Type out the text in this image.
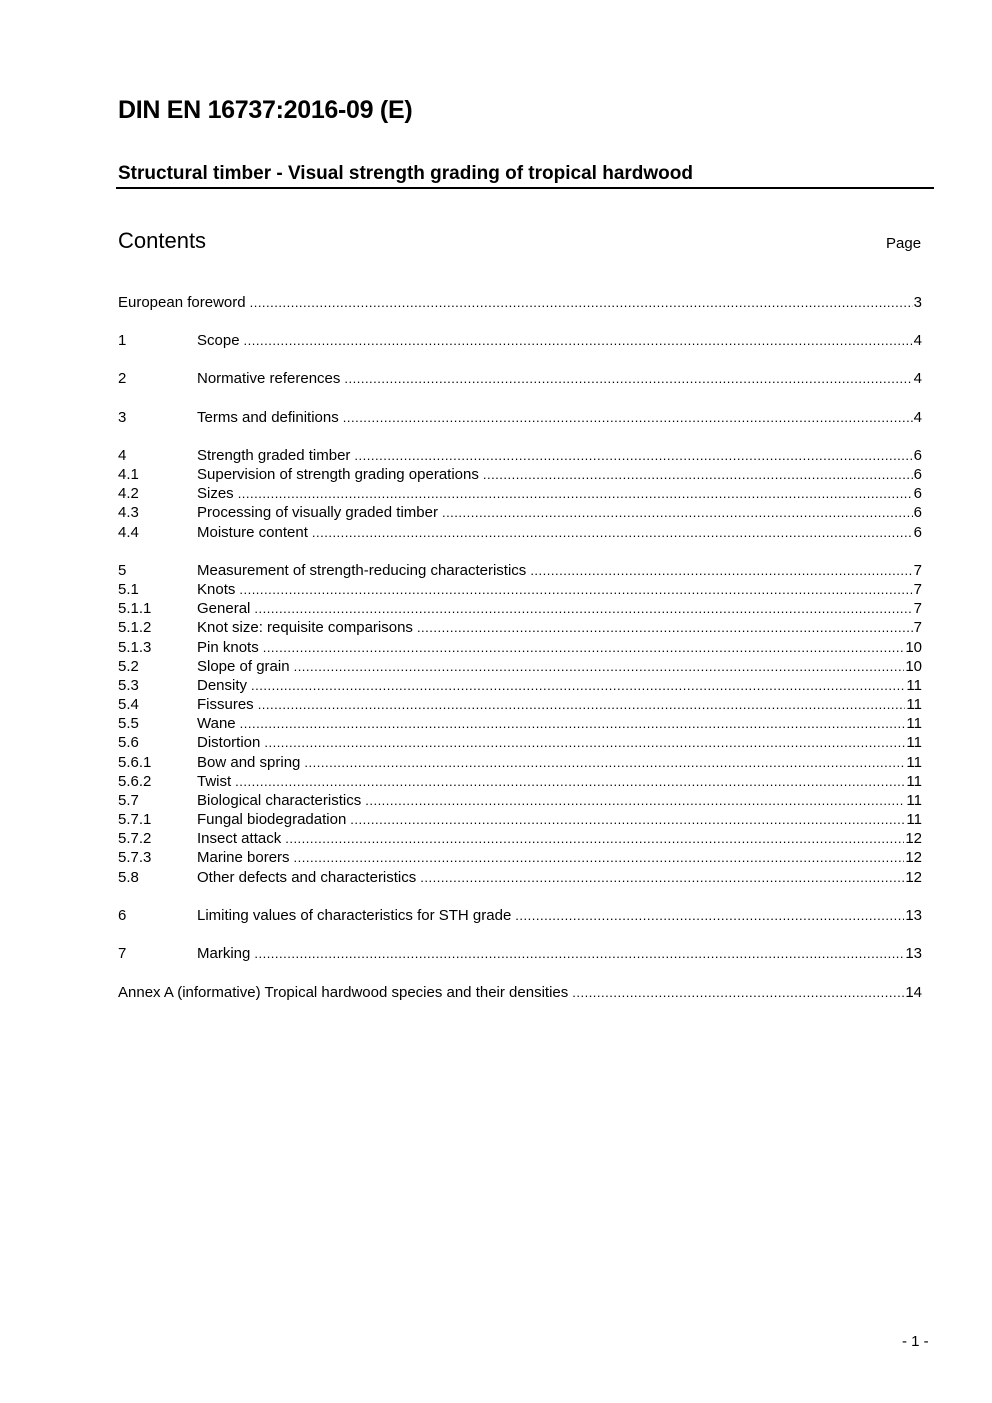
DIN EN 16737:2016-09 (E)
Structural timber - Visual strength grading of tropical hardwood
Contents	Page
European foreword .....	3
1	Scope .....	4
2	Normative references .....	4
3	Terms and definitions .....	4
4	Strength graded timber .....	6
4.1	Supervision of strength grading operations .....	6
4.2	Sizes .....	6
4.3	Processing of visually graded timber .....	6
4.4	Moisture content .....	6
5	Measurement of strength-reducing characteristics .....	7
5.1	Knots .....	7
5.1.1	General .....	7
5.1.2	Knot size: requisite comparisons .....	7
5.1.3	Pin knots .....	10
5.2	Slope of grain .....	10
5.3	Density .....	11
5.4	Fissures .....	11
5.5	Wane .....	11
5.6	Distortion .....	11
5.6.1	Bow and spring .....	11
5.6.2	Twist .....	11
5.7	Biological characteristics .....	11
5.7.1	Fungal biodegradation .....	11
5.7.2	Insect attack .....	12
5.7.3	Marine borers .....	12
5.8	Other defects and characteristics .....	12
6	Limiting values of characteristics for STH grade .....	13
7	Marking .....	13
Annex A (informative) Tropical hardwood species and their densities .....	14
- 1 -
